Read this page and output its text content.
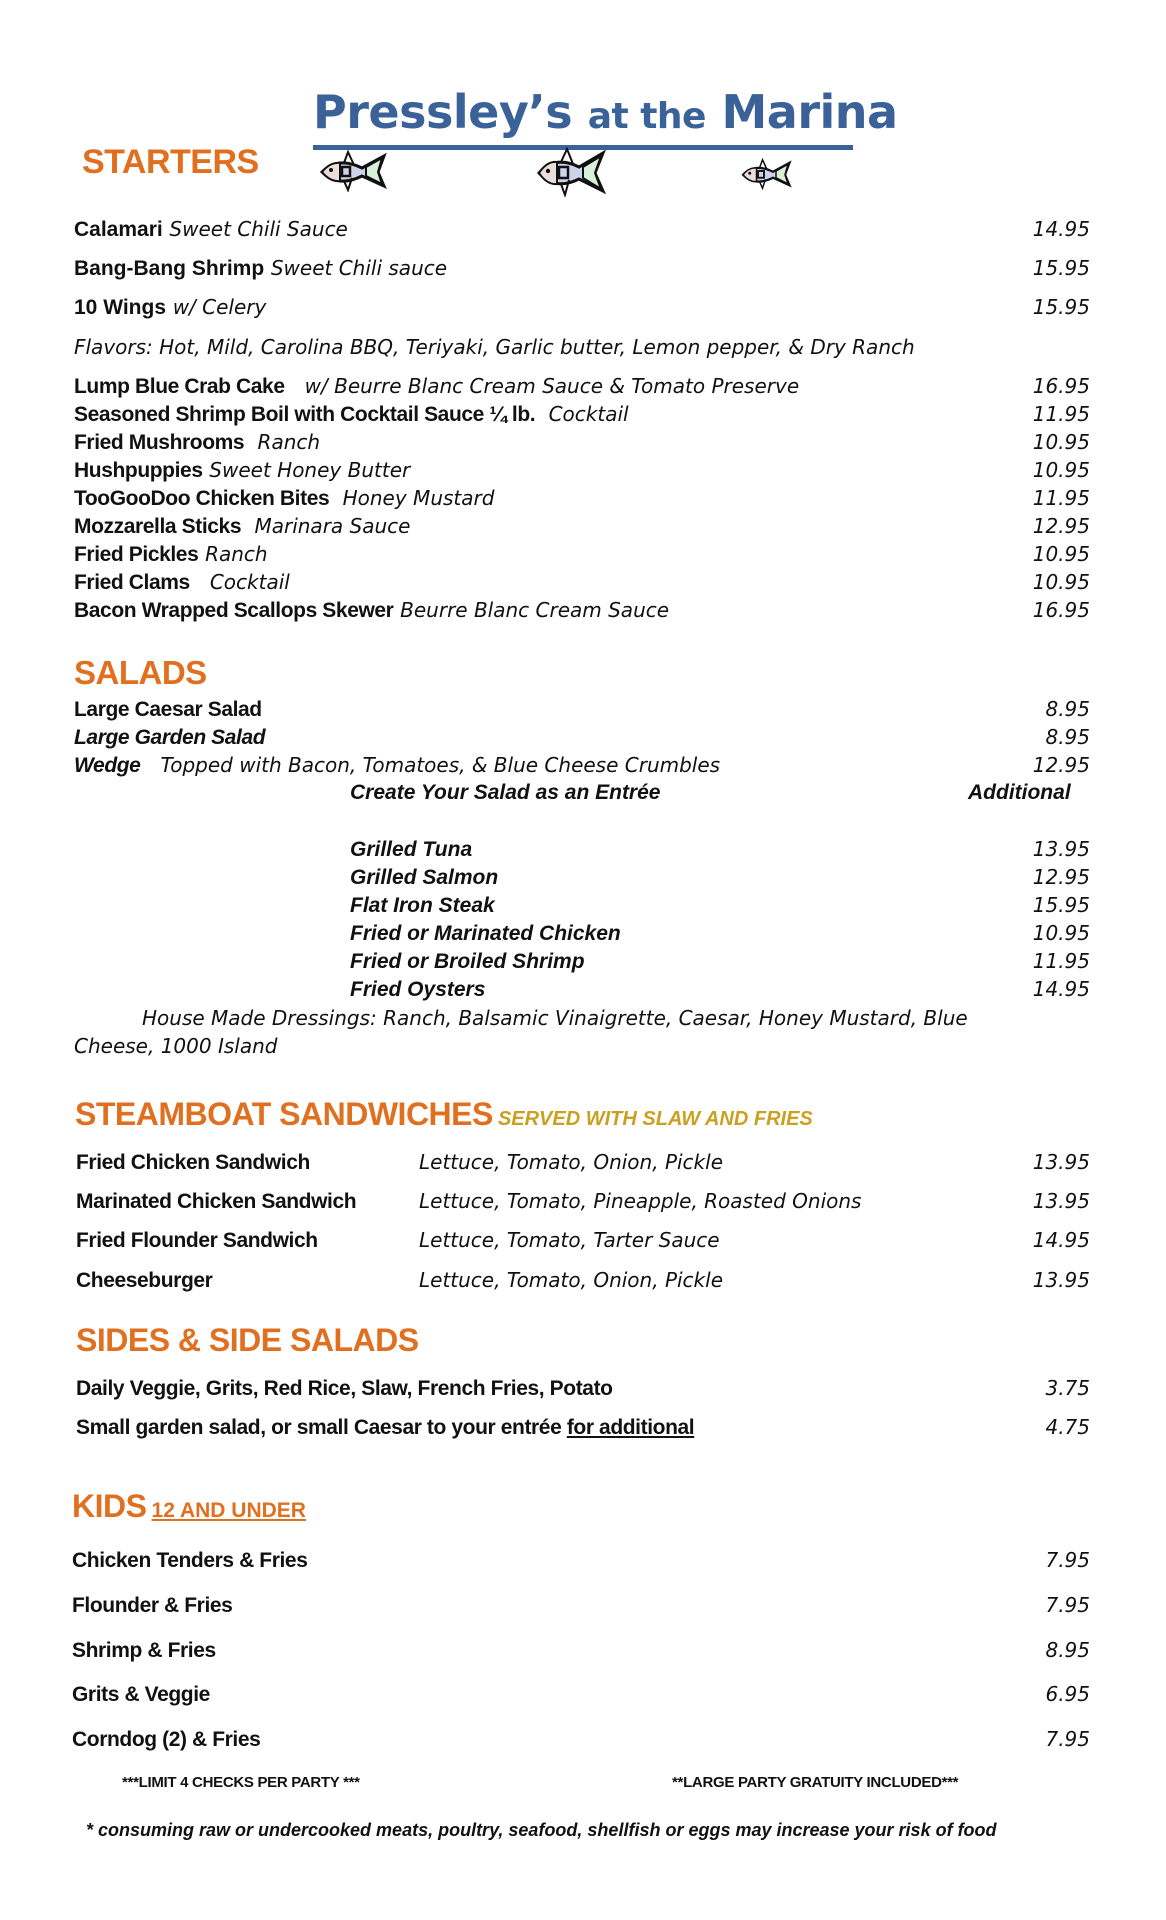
Pressley’s at the Marina
STARTERS
Calamari Sweet Chili Sauce	14.95
Bang-Bang Shrimp Sweet Chili sauce	15.95
10 Wings w/ Celery	15.95
Flavors: Hot, Mild, Carolina BBQ, Teriyaki, Garlic butter, Lemon pepper, & Dry Ranch
Lump Blue Crab Cake w/ Beurre Blanc Cream Sauce & Tomato Preserve	16.95
Seasoned Shrimp Boil with Cocktail Sauce ¼ lb. Cocktail	11.95
Fried Mushrooms Ranch	10.95
Hushpuppies Sweet Honey Butter	10.95
TooGooDoo Chicken Bites Honey Mustard	11.95
Mozzarella Sticks Marinara Sauce	12.95
Fried Pickles Ranch	10.95
Fried Clams Cocktail	10.95
Bacon Wrapped Scallops Skewer Beurre Blanc Cream Sauce	16.95
SALADS
Large Caesar Salad	8.95
Large Garden Salad	8.95
Wedge Topped with Bacon, Tomatoes, & Blue Cheese Crumbles	12.95
Create Your Salad as an Entrée	Additional
Grilled Tuna	13.95
Grilled Salmon	12.95
Flat Iron Steak	15.95
Fried or Marinated Chicken	10.95
Fried or Broiled Shrimp	11.95
Fried Oysters	14.95
House Made Dressings: Ranch, Balsamic Vinaigrette, Caesar, Honey Mustard, Blue
Cheese, 1000 Island
STEAMBOAT SANDWICHES SERVED WITH SLAW AND FRIES
Fried Chicken Sandwich	Lettuce, Tomato, Onion, Pickle	13.95
Marinated Chicken Sandwich	Lettuce, Tomato, Pineapple, Roasted Onions	13.95
Fried Flounder Sandwich	Lettuce, Tomato, Tarter Sauce	14.95
Cheeseburger	Lettuce, Tomato, Onion, Pickle	13.95
SIDES & SIDE SALADS
Daily Veggie, Grits, Red Rice, Slaw, French Fries, Potato	3.75
Small garden salad, or small Caesar to your entrée for additional	4.75
KIDS 12 AND UNDER
Chicken Tenders & Fries	7.95
Flounder & Fries	7.95
Shrimp & Fries	8.95
Grits & Veggie	6.95
Corndog (2) & Fries	7.95
***LIMIT 4 CHECKS PER PARTY ***	**LARGE PARTY GRATUITY INCLUDED***
* consuming raw or undercooked meats, poultry, seafood, shellfish or eggs may increase your risk of food
